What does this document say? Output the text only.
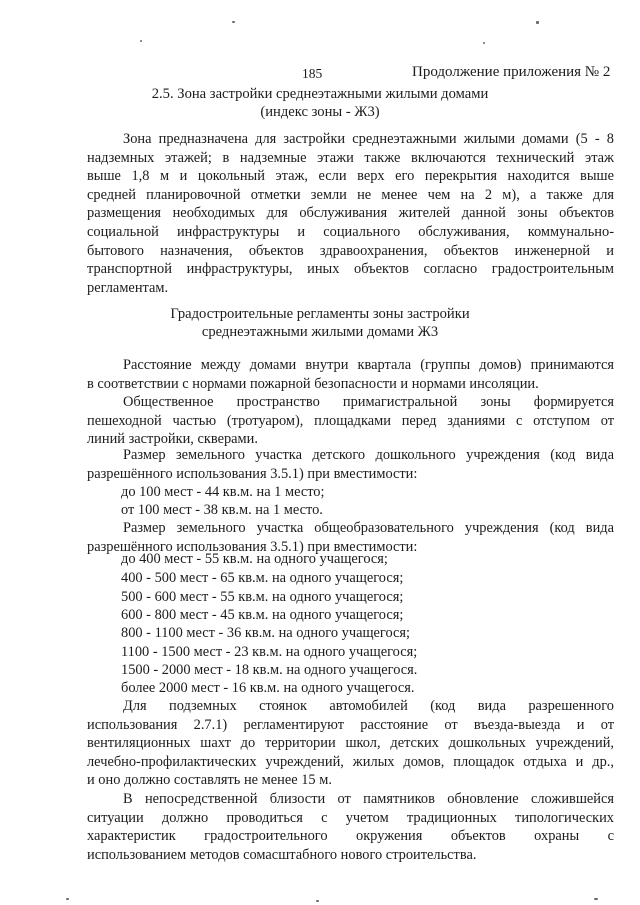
185	Продолжение приложения № 2
2.5. Зона застройки среднеэтажными жилыми домами
(индекс зоны - Ж3)
Зона предназначена для застройки среднеэтажными жилыми домами (5 - 8
надземных этажей; в надземные этажи также включаются технический этаж
выше 1,8 м и цокольный этаж, если верх его перекрытия находится выше
средней планировочной отметки земли не менее чем на 2 м), а также для
размещения необходимых для обслуживания жителей данной зоны объектов
социальной инфраструктуры и социального обслуживания, коммунально-
бытового назначения, объектов здравоохранения, объектов инженерной и
транспортной инфраструктуры, иных объектов согласно градостроительным
регламентам.
Градостроительные регламенты зоны застройки
среднеэтажными жилыми домами Ж3
Расстояние между домами внутри квартала (группы домов) принимаются
в соответствии с нормами пожарной безопасности и нормами инсоляции.
Общественное пространство примагистральной зоны формируется
пешеходной частью (тротуаром), площадками перед зданиями с отступом от
линий застройки, скверами.
Размер земельного участка детского дошкольного учреждения (код вида
разрешённого использования 3.5.1) при вместимости:
до 100 мест - 44 кв.м. на 1 место;
от 100 мест - 38 кв.м. на 1 место.
Размер земельного участка общеобразовательного учреждения (код вида
разрешённого использования 3.5.1) при вместимости:
до 400 мест - 55 кв.м. на одного учащегося;
400 - 500 мест - 65 кв.м. на одного учащегося;
500 - 600 мест - 55 кв.м. на одного учащегося;
600 - 800 мест - 45 кв.м. на одного учащегося;
800 - 1100 мест - 36 кв.м. на одного учащегося;
1100 - 1500 мест - 23 кв.м. на одного учащегося;
1500 - 2000 мест - 18 кв.м. на одного учащегося.
более 2000 мест - 16 кв.м. на одного учащегося.
Для подземных стоянок автомобилей (код вида разрешенного
использования 2.7.1) регламентируют расстояние от въезда-выезда и от
вентиляционных шахт до территории школ, детских дошкольных учреждений,
лечебно-профилактических учреждений, жилых домов, площадок отдыха и др.,
и оно должно составлять не менее 15 м.
В непосредственной близости от памятников обновление сложившейся
ситуации должно проводиться с учетом традиционных типологических
характеристик градостроительного окружения объектов охраны с
использованием методов сомасштабного нового строительства.
